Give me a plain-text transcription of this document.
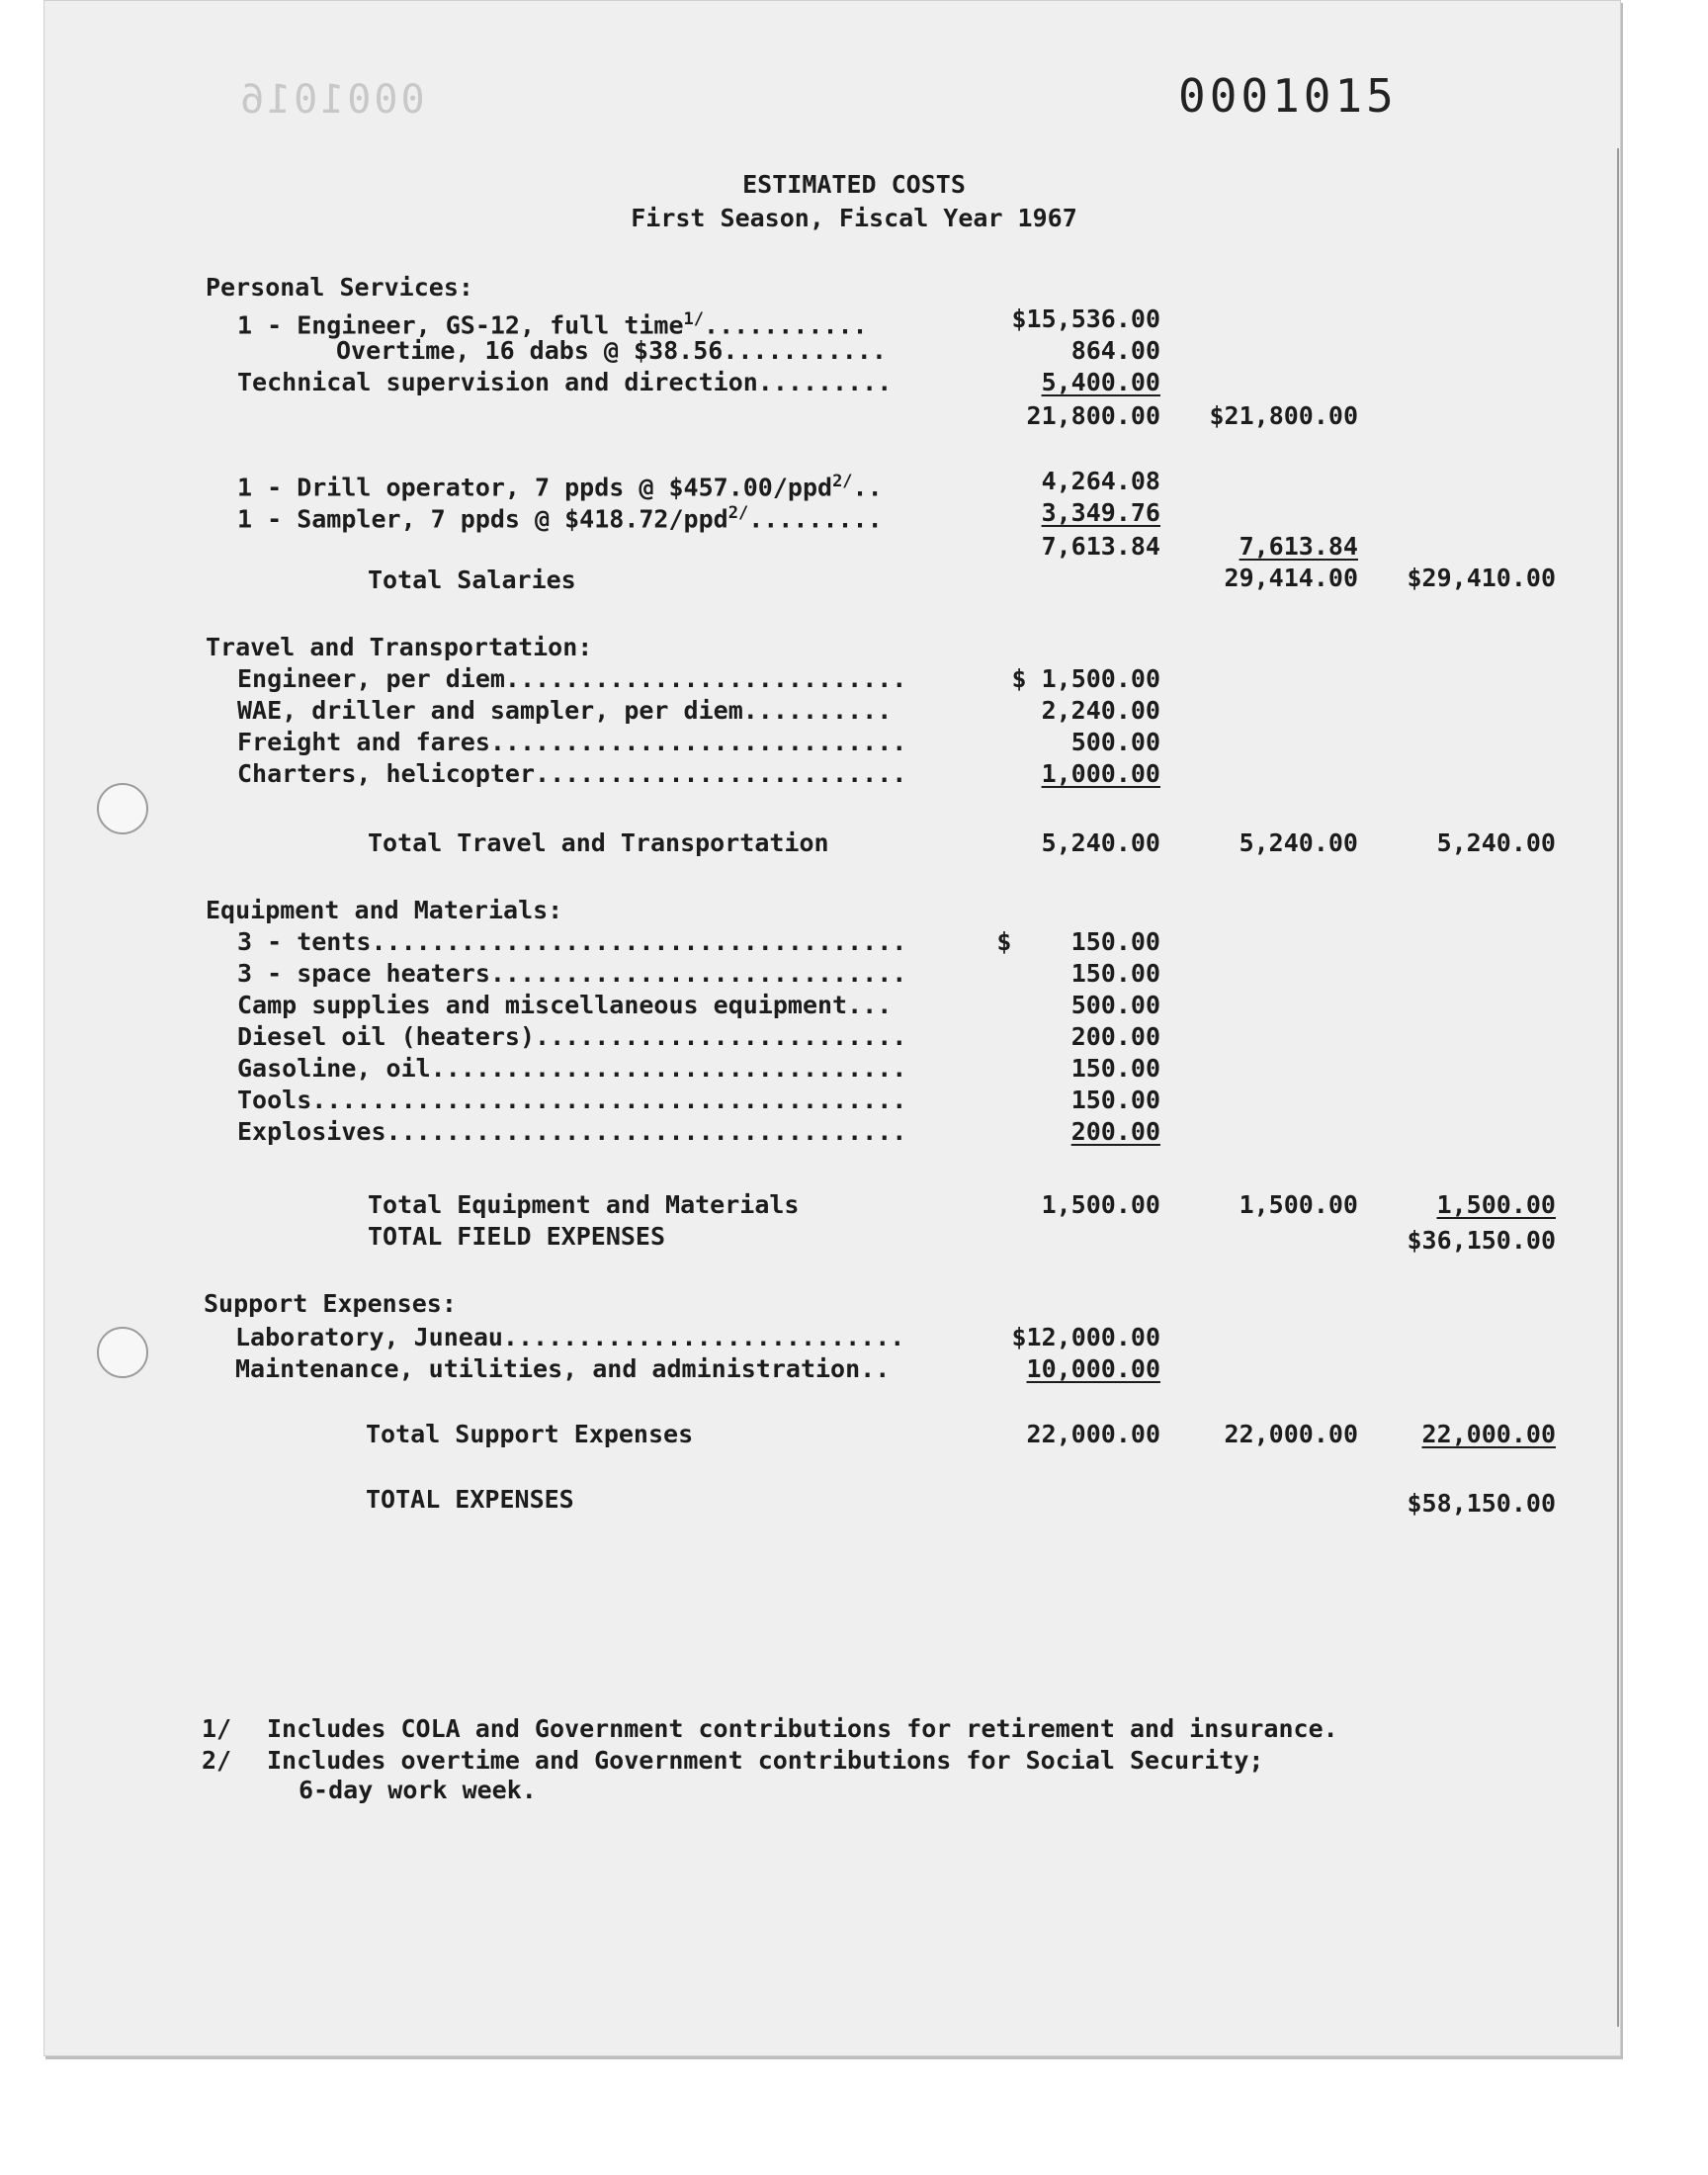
0001016	0001015
ESTIMATED COSTS
First Season, Fiscal Year 1967
Personal Services:
1 - Engineer, GS-12, full time$^{1/}$...........	$15,536.00
Overtime, 16 dabs @ $38.56...........	864.00
Technical supervision and direction.........	5,400.00
21,800.00 $21,800.00
1 - Drill operator, 7 ppds @ $457.00/ppd$^{2/}$..	4,264.08
1 - Sampler, 7 ppds @ $418.72/ppd$^{2/}$.........	3,349.76
7,613.84	7,613.84
Total Salaries	29,414.00 $29,410.00
Travel and Transportation:
Engineer, per diem...........................	$ 1,500.00
WAE, driller and sampler, per diem..........	2,240.00
Freight and fares............................	500.00
Charters, helicopter.........................	1,000.00
Total Travel and Transportation	5,240.00	5,240.00	5,240.00
Equipment and Materials:
3 - tents....................................	$    150.00
3 - space heaters............................	150.00
Camp supplies and miscellaneous equipment...	500.00
Diesel oil (heaters).........................	200.00
Gasoline, oil................................	150.00
Tools........................................	150.00
Explosives...................................	200.00
Total Equipment and Materials	1,500.00	1,500.00	1,500.00
TOTAL FIELD EXPENSES	$36,150.00
Support Expenses:
Laboratory, Juneau...........................	$12,000.00
Maintenance, utilities, and administration..	10,000.00
Total Support Expenses	22,000.00	22,000.00	22,000.00
TOTAL EXPENSES	$58,150.00
1/ Includes COLA and Government contributions for retirement and insurance.
2/ Includes overtime and Government contributions for Social Security;
6-day work week.
